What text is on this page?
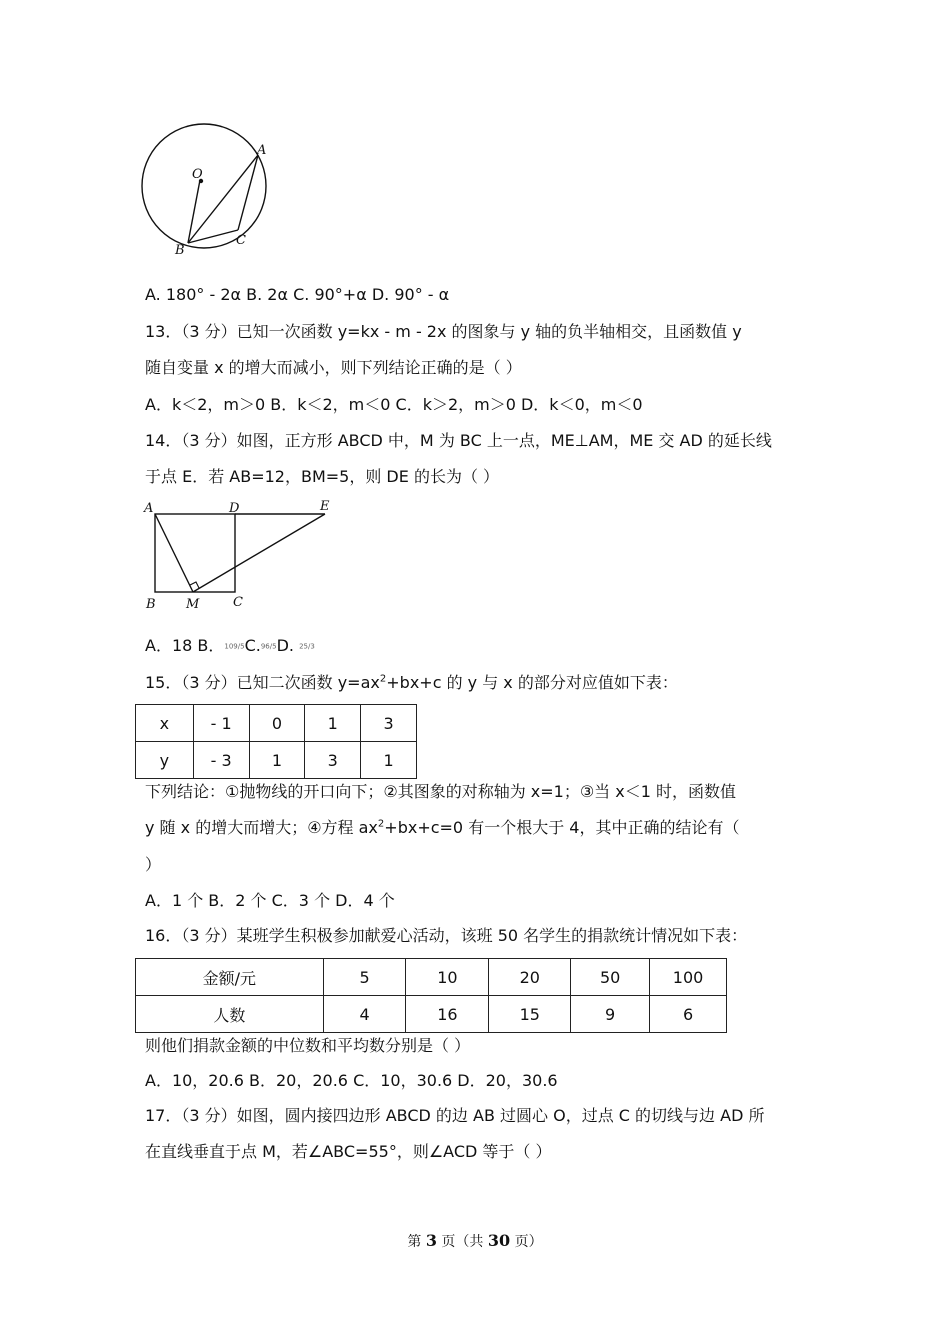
O
A
B
C
A. 180° - 2α B. 2α C. 90°+α D. 90° - α
13．（3 分）已知一次函数 y=kx - m - 2x 的图象与 y 轴的负半轴相交，且函数值 y
随自变量 x 的增大而减小，则下列结论正确的是（ ）
A．k＜2，m＞0 B．k＜2，m＜0 C．k＞2，m＞0 D．k＜0，m＜0
14．（3 分）如图，正方形 ABCD 中，M 为 BC 上一点，ME⊥AM，ME 交 AD 的延长线
于点 E．若 AB=12，BM=5，则 DE 的长为（ ）
A	D	E
B M	C
A．18 B．109/5C.96/5D. 25/3
15．（3 分）已知二次函数 $y=ax^2+bx+c$ 的 y 与 x 的部分对应值如下表：
x	- 1	0	1	3
y	- 3	1	3	1
下列结论：①抛物线的开口向下；②其图象的对称轴为 x=1；③当 x＜1 时，函数值
y 随 x 的增大而增大；④方程 $ax^2+bx+c=0$ 有一个根大于 4，其中正确的结论有（
）
A．1 个 B．2 个 C．3 个 D．4 个
16．（3 分）某班学生积极参加献爱心活动，该班 50 名学生的捐款统计情况如下表：
金额/元	5	10	20	50	100
人数	4	16	15	9	6
则他们捐款金额的中位数和平均数分别是（ ）
A．10，20.6 B．20，20.6 C．10，30.6 D．20，30.6
17．（3 分）如图，圆内接四边形 ABCD 的边 AB 过圆心 O，过点 C 的切线与边 AD 所
在直线垂直于点 M，若∠ABC=55°，则∠ACD 等于（ ）
第 3 页（共 30 页）
